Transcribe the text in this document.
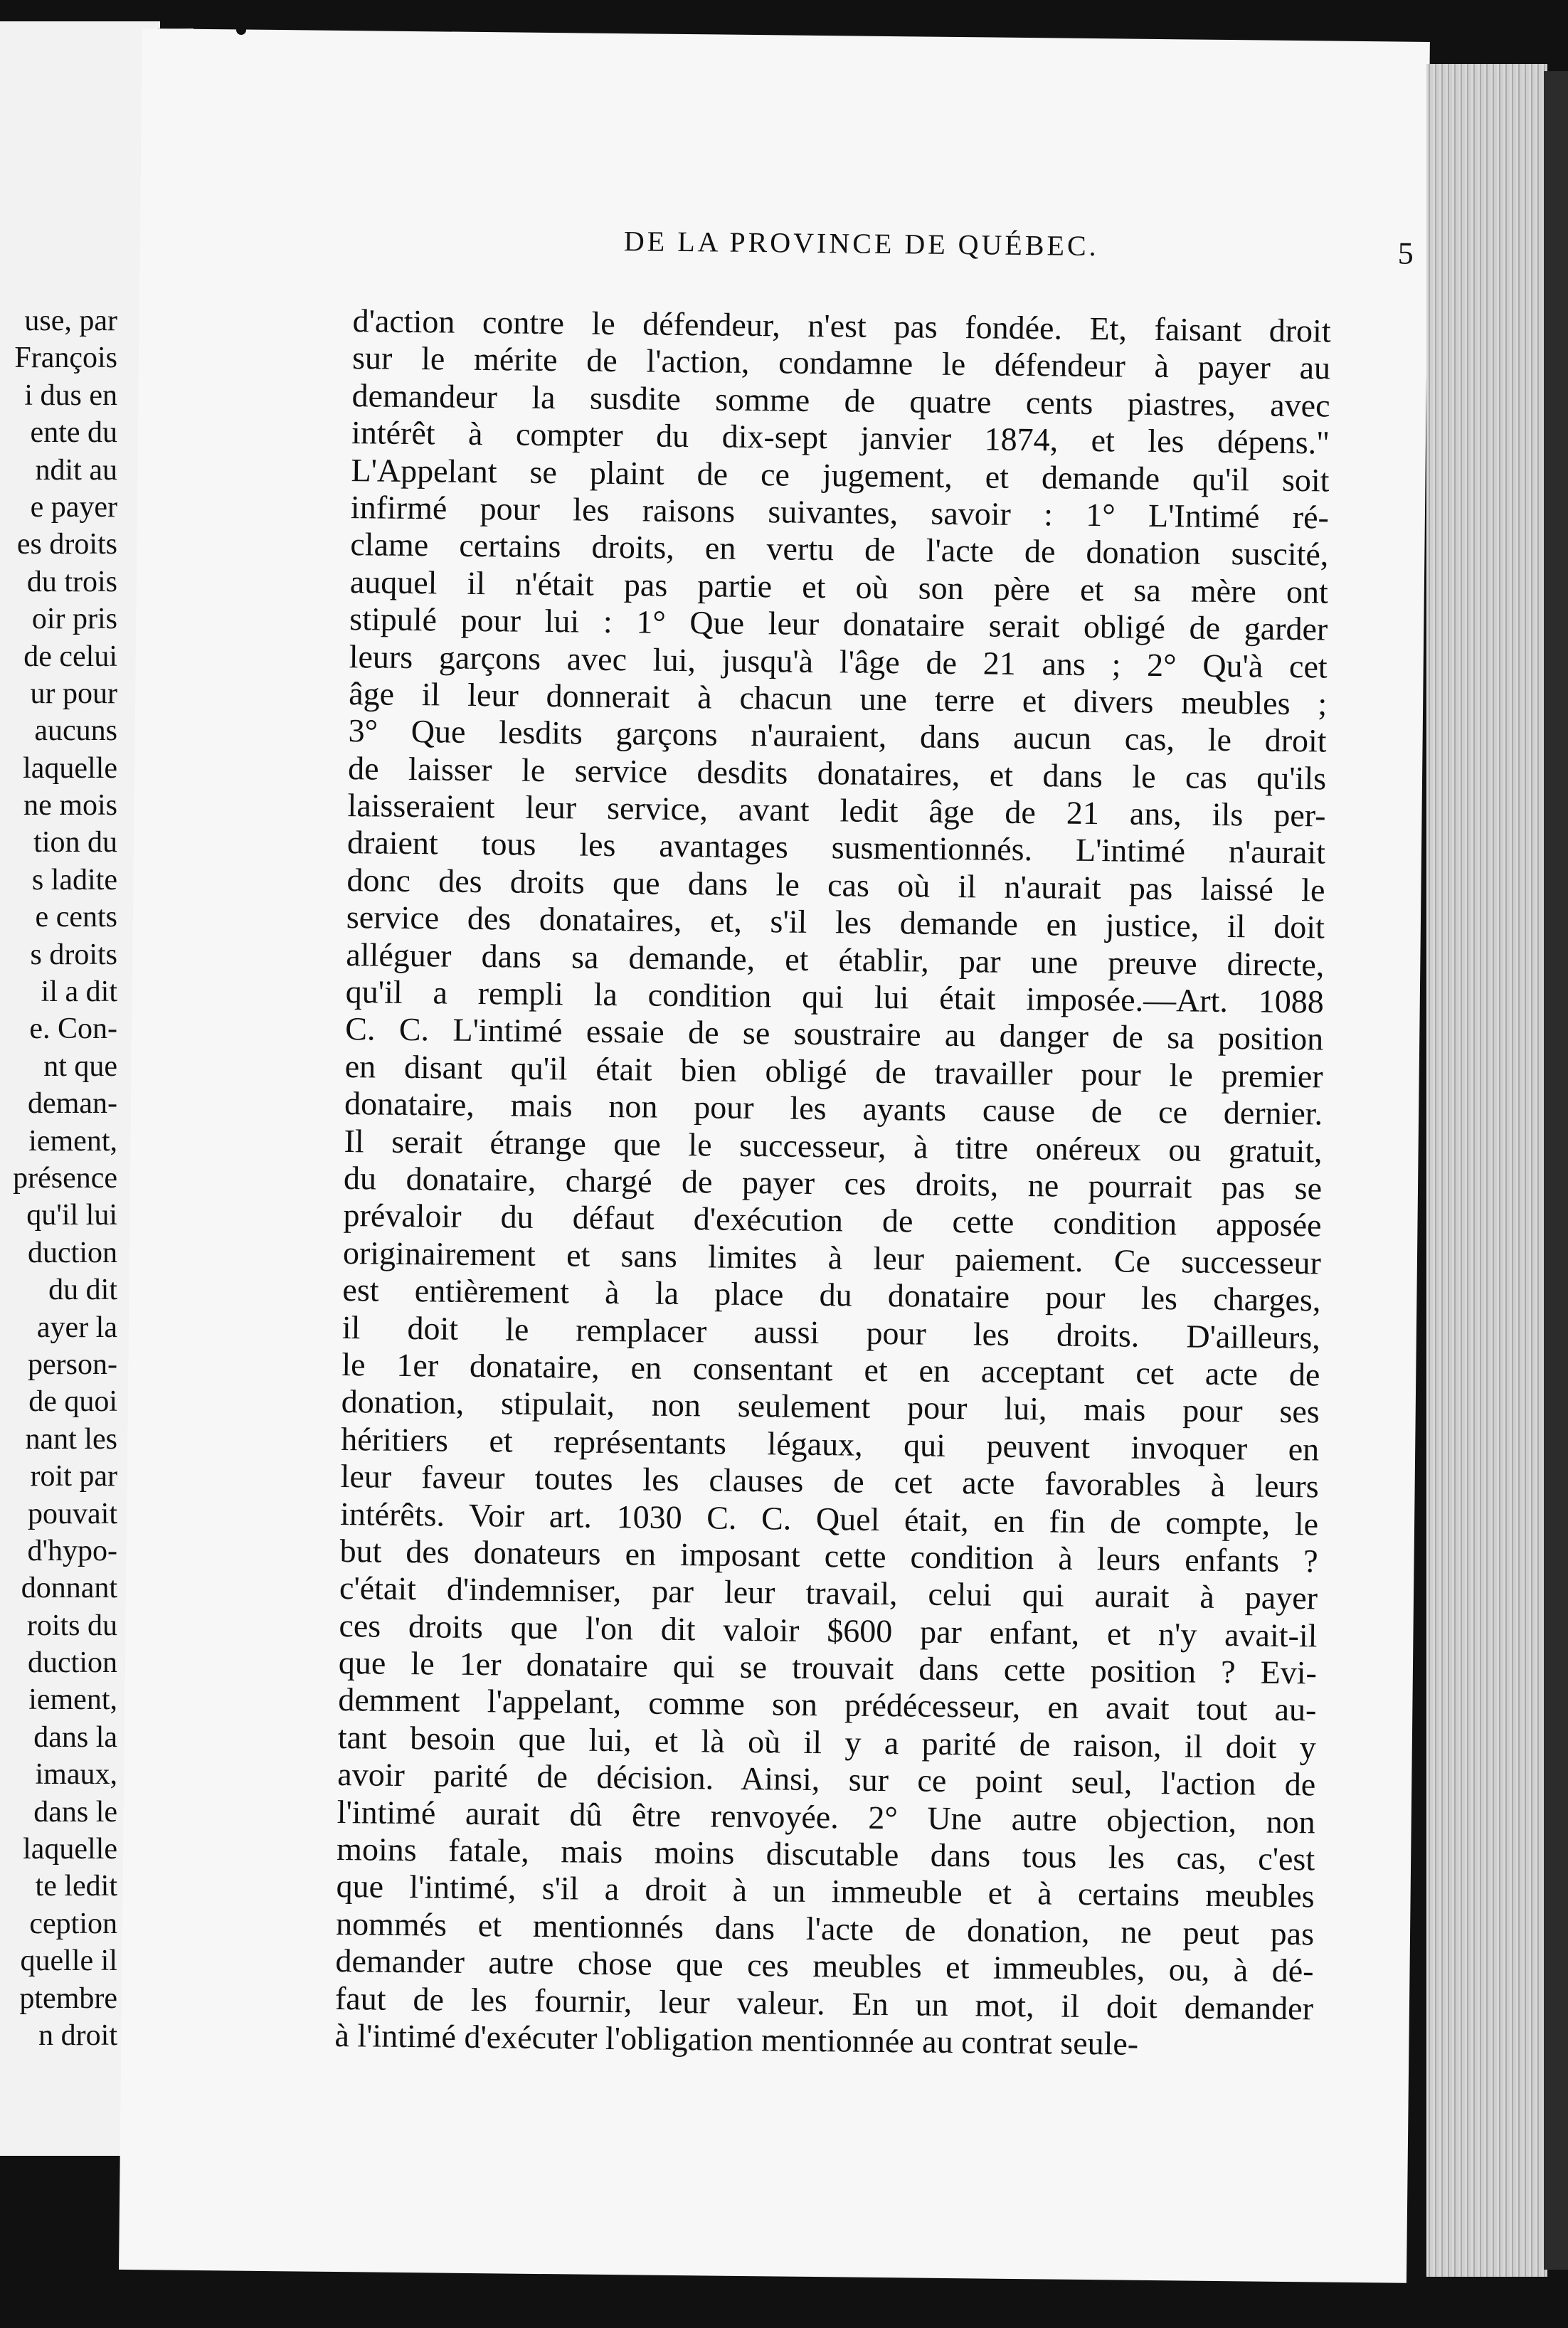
use, par
François
i dus en
ente du
ndit au
e payer
es droits
du trois
oir pris
de celui
ur pour
aucuns
laquelle
ne mois
tion du
s ladite
e cents
s droits
il a dit
e. Con-
nt que
deman-
iement,
présence
qu'il lui
duction
du dit
ayer la
person-
de quoi
nant les
roit par
pouvait
d'hypo-
donnant
roits du
duction
iement,
dans la
imaux,
dans le
laquelle
te ledit
ception
quelle il
ptembre
n droit
DE LA PROVINCE DE QUÉBEC.	5
d'action contre le défendeur, n'est pas fondée. Et, faisant droit
sur le mérite de l'action, condamne le défendeur à payer au
demandeur la susdite somme de quatre cents piastres, avec
intérêt à compter du dix-sept janvier 1874, et les dépens."
L'Appelant se plaint de ce jugement, et demande qu'il soit
infirmé pour les raisons suivantes, savoir : 1° L'Intimé ré-
clame certains droits, en vertu de l'acte de donation suscité,
auquel il n'était pas partie et où son père et sa mère ont
stipulé pour lui : 1° Que leur donataire serait obligé de garder
leurs garçons avec lui, jusqu'à l'âge de 21 ans ; 2° Qu'à cet
âge il leur donnerait à chacun une terre et divers meubles ;
3° Que lesdits garçons n'auraient, dans aucun cas, le droit
de laisser le service desdits donataires, et dans le cas qu'ils
laisseraient leur service, avant ledit âge de 21 ans, ils per-
draient tous les avantages susmentionnés. L'intimé n'aurait
donc des droits que dans le cas où il n'aurait pas laissé le
service des donataires, et, s'il les demande en justice, il doit
alléguer dans sa demande, et établir, par une preuve directe,
qu'il a rempli la condition qui lui était imposée.—Art. 1088
C. C. L'intimé essaie de se soustraire au danger de sa position
en disant qu'il était bien obligé de travailler pour le premier
donataire, mais non pour les ayants cause de ce dernier.
Il serait étrange que le successeur, à titre onéreux ou gratuit,
du donataire, chargé de payer ces droits, ne pourrait pas se
prévaloir du défaut d'exécution de cette condition apposée
originairement et sans limites à leur paiement. Ce successeur
est entièrement à la place du donataire pour les charges,
il doit le remplacer aussi pour les droits. D'ailleurs,
le 1er donataire, en consentant et en acceptant cet acte de
donation, stipulait, non seulement pour lui, mais pour ses
héritiers et représentants légaux, qui peuvent invoquer en
leur faveur toutes les clauses de cet acte favorables à leurs
intérêts. Voir art. 1030 C. C. Quel était, en fin de compte, le
but des donateurs en imposant cette condition à leurs enfants ?
c'était d'indemniser, par leur travail, celui qui aurait à payer
ces droits que l'on dit valoir $600 par enfant, et n'y avait-il
que le 1er donataire qui se trouvait dans cette position ? Evi-
demment l'appelant, comme son prédécesseur, en avait tout au-
tant besoin que lui, et là où il y a parité de raison, il doit y
avoir parité de décision. Ainsi, sur ce point seul, l'action de
l'intimé aurait dû être renvoyée. 2° Une autre objection, non
moins fatale, mais moins discutable dans tous les cas, c'est
que l'intimé, s'il a droit à un immeuble et à certains meubles
nommés et mentionnés dans l'acte de donation, ne peut pas
demander autre chose que ces meubles et immeubles, ou, à dé-
faut de les fournir, leur valeur. En un mot, il doit demander
à l'intimé d'exécuter l'obligation mentionnée au contrat seule-
